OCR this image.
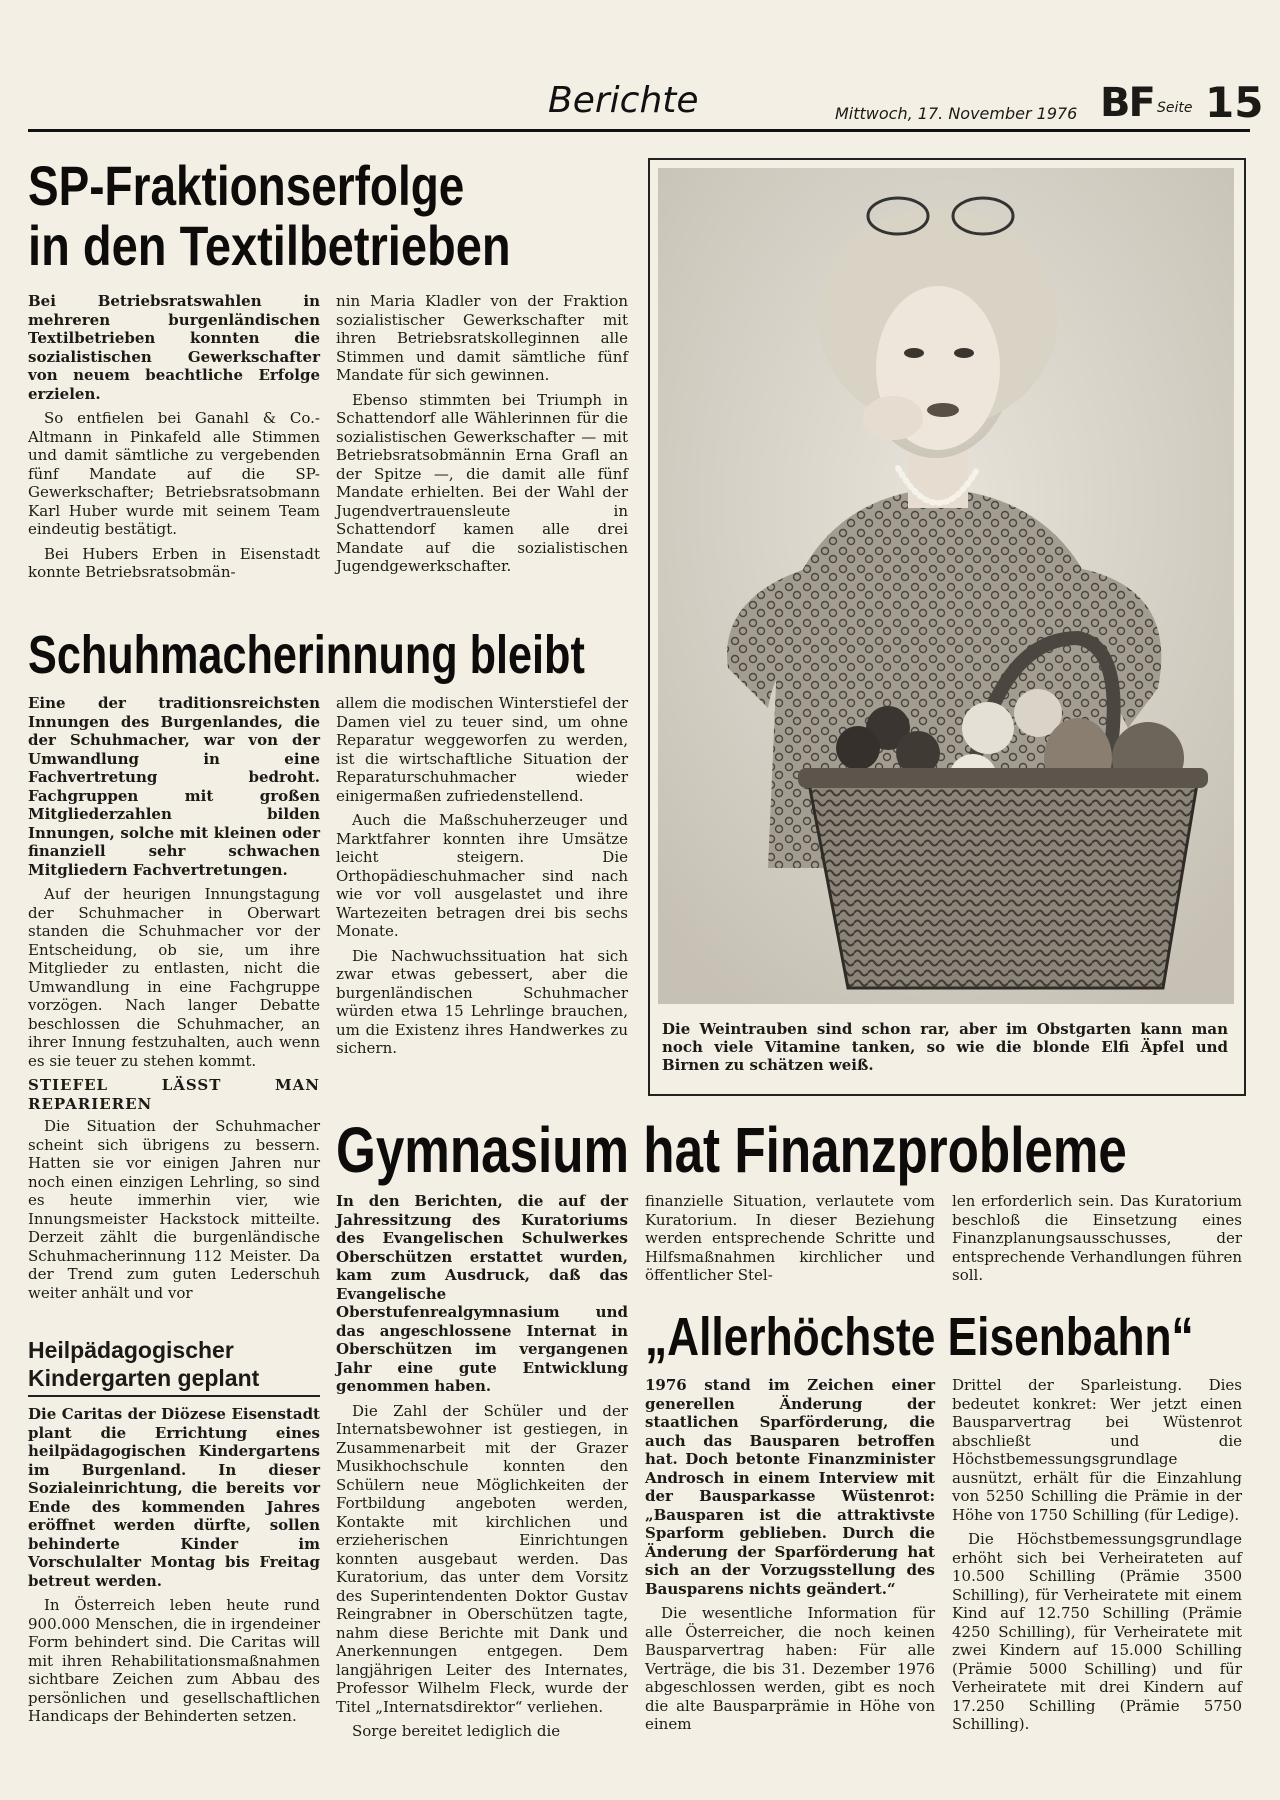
Berichte	Mittwoch, 17. November 1976 BF Seite 15
SP-Fraktionserfolge
in den Textilbetrieben

Bei Betriebsratswahlen in mehreren burgenländischen Textilbetrieben konnten die sozialistischen Gewerkschafter von neuem beachtliche Erfolge erzielen.

So entfielen bei Ganahl & Co.-Altmann in Pinkafeld alle Stimmen und damit sämtliche zu vergebenden fünf Mandate auf die SP-Gewerkschafter; Betriebsratsobmann Karl Huber wurde mit seinem Team eindeutig bestätigt.

Bei Hubers Erben in Eisenstadt konnte Betriebsratsobmän-

nin Maria Kladler von der Fraktion sozialistischer Gewerkschafter mit ihren Betriebsratskolleginnen alle Stimmen und damit sämtliche fünf Mandate für sich gewinnen.

Ebenso stimmten bei Triumph in Schattendorf alle Wählerinnen für die sozialistischen Gewerkschafter — mit Betriebsratsobmännin Erna Grafl an der Spitze —, die damit alle fünf Mandate erhielten. Bei der Wahl der Jugendvertrauensleute in Schattendorf kamen alle drei Mandate auf die sozialistischen Jugendgewerkschafter.

Schuhmacherinnung bleibt

Eine der traditionsreichsten Innungen des Burgenlandes, die der Schuhmacher, war von der Umwandlung in eine Fachvertretung bedroht. Fachgruppen mit großen Mitgliederzahlen bilden Innungen, solche mit kleinen oder finanziell sehr schwachen Mitgliedern Fachvertretungen.

Auf der heurigen Innungstagung der Schuhmacher in Oberwart standen die Schuhmacher vor der Entscheidung, ob sie, um ihre Mitglieder zu entlasten, nicht die Umwandlung in eine Fachgruppe vorzögen. Nach langer Debatte beschlossen die Schuhmacher, an ihrer Innung festzuhalten, auch wenn es sie teuer zu stehen kommt.

STIEFEL LÄSST MAN REPARIEREN

Die Situation der Schuhmacher scheint sich übrigens zu bessern. Hatten sie vor einigen Jahren nur noch einen einzigen Lehrling, so sind es heute immerhin vier, wie Innungsmeister Hackstock mitteilte. Derzeit zählt die burgenländische Schuhmacherinnung 112 Meister. Da der Trend zum guten Lederschuh weiter anhält und vor

allem die modischen Winterstiefel der Damen viel zu teuer sind, um ohne Reparatur weggeworfen zu werden, ist die wirtschaftliche Situation der Reparaturschuhmacher wieder einigermaßen zufriedenstellend.

Auch die Maßschuherzeuger und Marktfahrer konnten ihre Umsätze leicht steigern. Die Orthopädieschuhmacher sind nach wie vor voll ausgelastet und ihre Wartezeiten betragen drei bis sechs Monate.

Die Nachwuchssituation hat sich zwar etwas gebessert, aber die burgenländischen Schuhmacher würden etwa 15 Lehrlinge brauchen, um die Existenz ihres Handwerkes zu sichern.

Die Weintrauben sind schon rar, aber im Obstgarten kann man noch viele Vitamine tanken, so wie die blonde Elfi Äpfel und Birnen zu schätzen weiß.
Heilpädagogischer Kindergarten geplant

Die Caritas der Diözese Eisenstadt plant die Errichtung eines heilpädagogischen Kindergartens im Burgenland. In dieser Sozialeinrichtung, die bereits vor Ende des kommenden Jahres eröffnet werden dürfte, sollen behinderte Kinder im Vorschulalter Montag bis Freitag betreut werden.

In Österreich leben heute rund 900.000 Menschen, die in irgendeiner Form behindert sind. Die Caritas will mit ihren Rehabilitationsmaßnahmen sichtbare Zeichen zum Abbau des persönlichen und gesellschaftlichen Handicaps der Behinderten setzen.

Gymnasium hat Finanzprobleme

In den Berichten, die auf der Jahressitzung des Kuratoriums des Evangelischen Schulwerkes Oberschützen erstattet wurden, kam zum Ausdruck, daß das Evangelische Oberstufenrealgymnasium und das angeschlossene Internat in Oberschützen im vergangenen Jahr eine gute Entwicklung genommen haben.

Die Zahl der Schüler und der Internatsbewohner ist gestiegen, in Zusammenarbeit mit der Grazer Musikhochschule konnten den Schülern neue Möglichkeiten der Fortbildung angeboten werden, Kontakte mit kirchlichen und erzieherischen Einrichtungen konnten ausgebaut werden. Das Kuratorium, das unter dem Vorsitz des Superintendenten Doktor Gustav Reingrabner in Oberschützen tagte, nahm diese Berichte mit Dank und Anerkennungen entgegen. Dem langjährigen Leiter des Internates, Professor Wilhelm Fleck, wurde der Titel „Internatsdirektor“ verliehen.

Sorge bereitet lediglich die

finanzielle Situation, verlautete vom Kuratorium. In dieser Beziehung werden entsprechende Schritte und Hilfsmaßnahmen kirchlicher und öffentlicher Stel-

len erforderlich sein. Das Kuratorium beschloß die Einsetzung eines Finanzplanungsausschusses, der entsprechende Verhandlungen führen soll.

„Allerhöchste Eisenbahn“

1976 stand im Zeichen einer generellen Änderung der staatlichen Sparförderung, die auch das Bausparen betroffen hat. Doch betonte Finanzminister Androsch in einem Interview mit der Bausparkasse Wüstenrot: „Bausparen ist die attraktivste Sparform geblieben. Durch die Änderung der Sparförderung hat sich an der Vorzugsstellung des Bausparens nichts geändert.“

Die wesentliche Information für alle Österreicher, die noch keinen Bausparvertrag haben: Für alle Verträge, die bis 31. Dezember 1976 abgeschlossen werden, gibt es noch die alte Bausparprämie in Höhe von einem

Drittel der Sparleistung. Dies bedeutet konkret: Wer jetzt einen Bausparvertrag bei Wüstenrot abschließt und die Höchstbemessungsgrundlage ausnützt, erhält für die Einzahlung von 5250 Schilling die Prämie in der Höhe von 1750 Schilling (für Ledige).

Die Höchstbemessungsgrundlage erhöht sich bei Verheirateten auf 10.500 Schilling (Prämie 3500 Schilling), für Verheiratete mit einem Kind auf 12.750 Schilling (Prämie 4250 Schilling), für Verheiratete mit zwei Kindern auf 15.000 Schilling (Prämie 5000 Schilling) und für Verheiratete mit drei Kindern auf 17.250 Schilling (Prämie 5750 Schilling).
